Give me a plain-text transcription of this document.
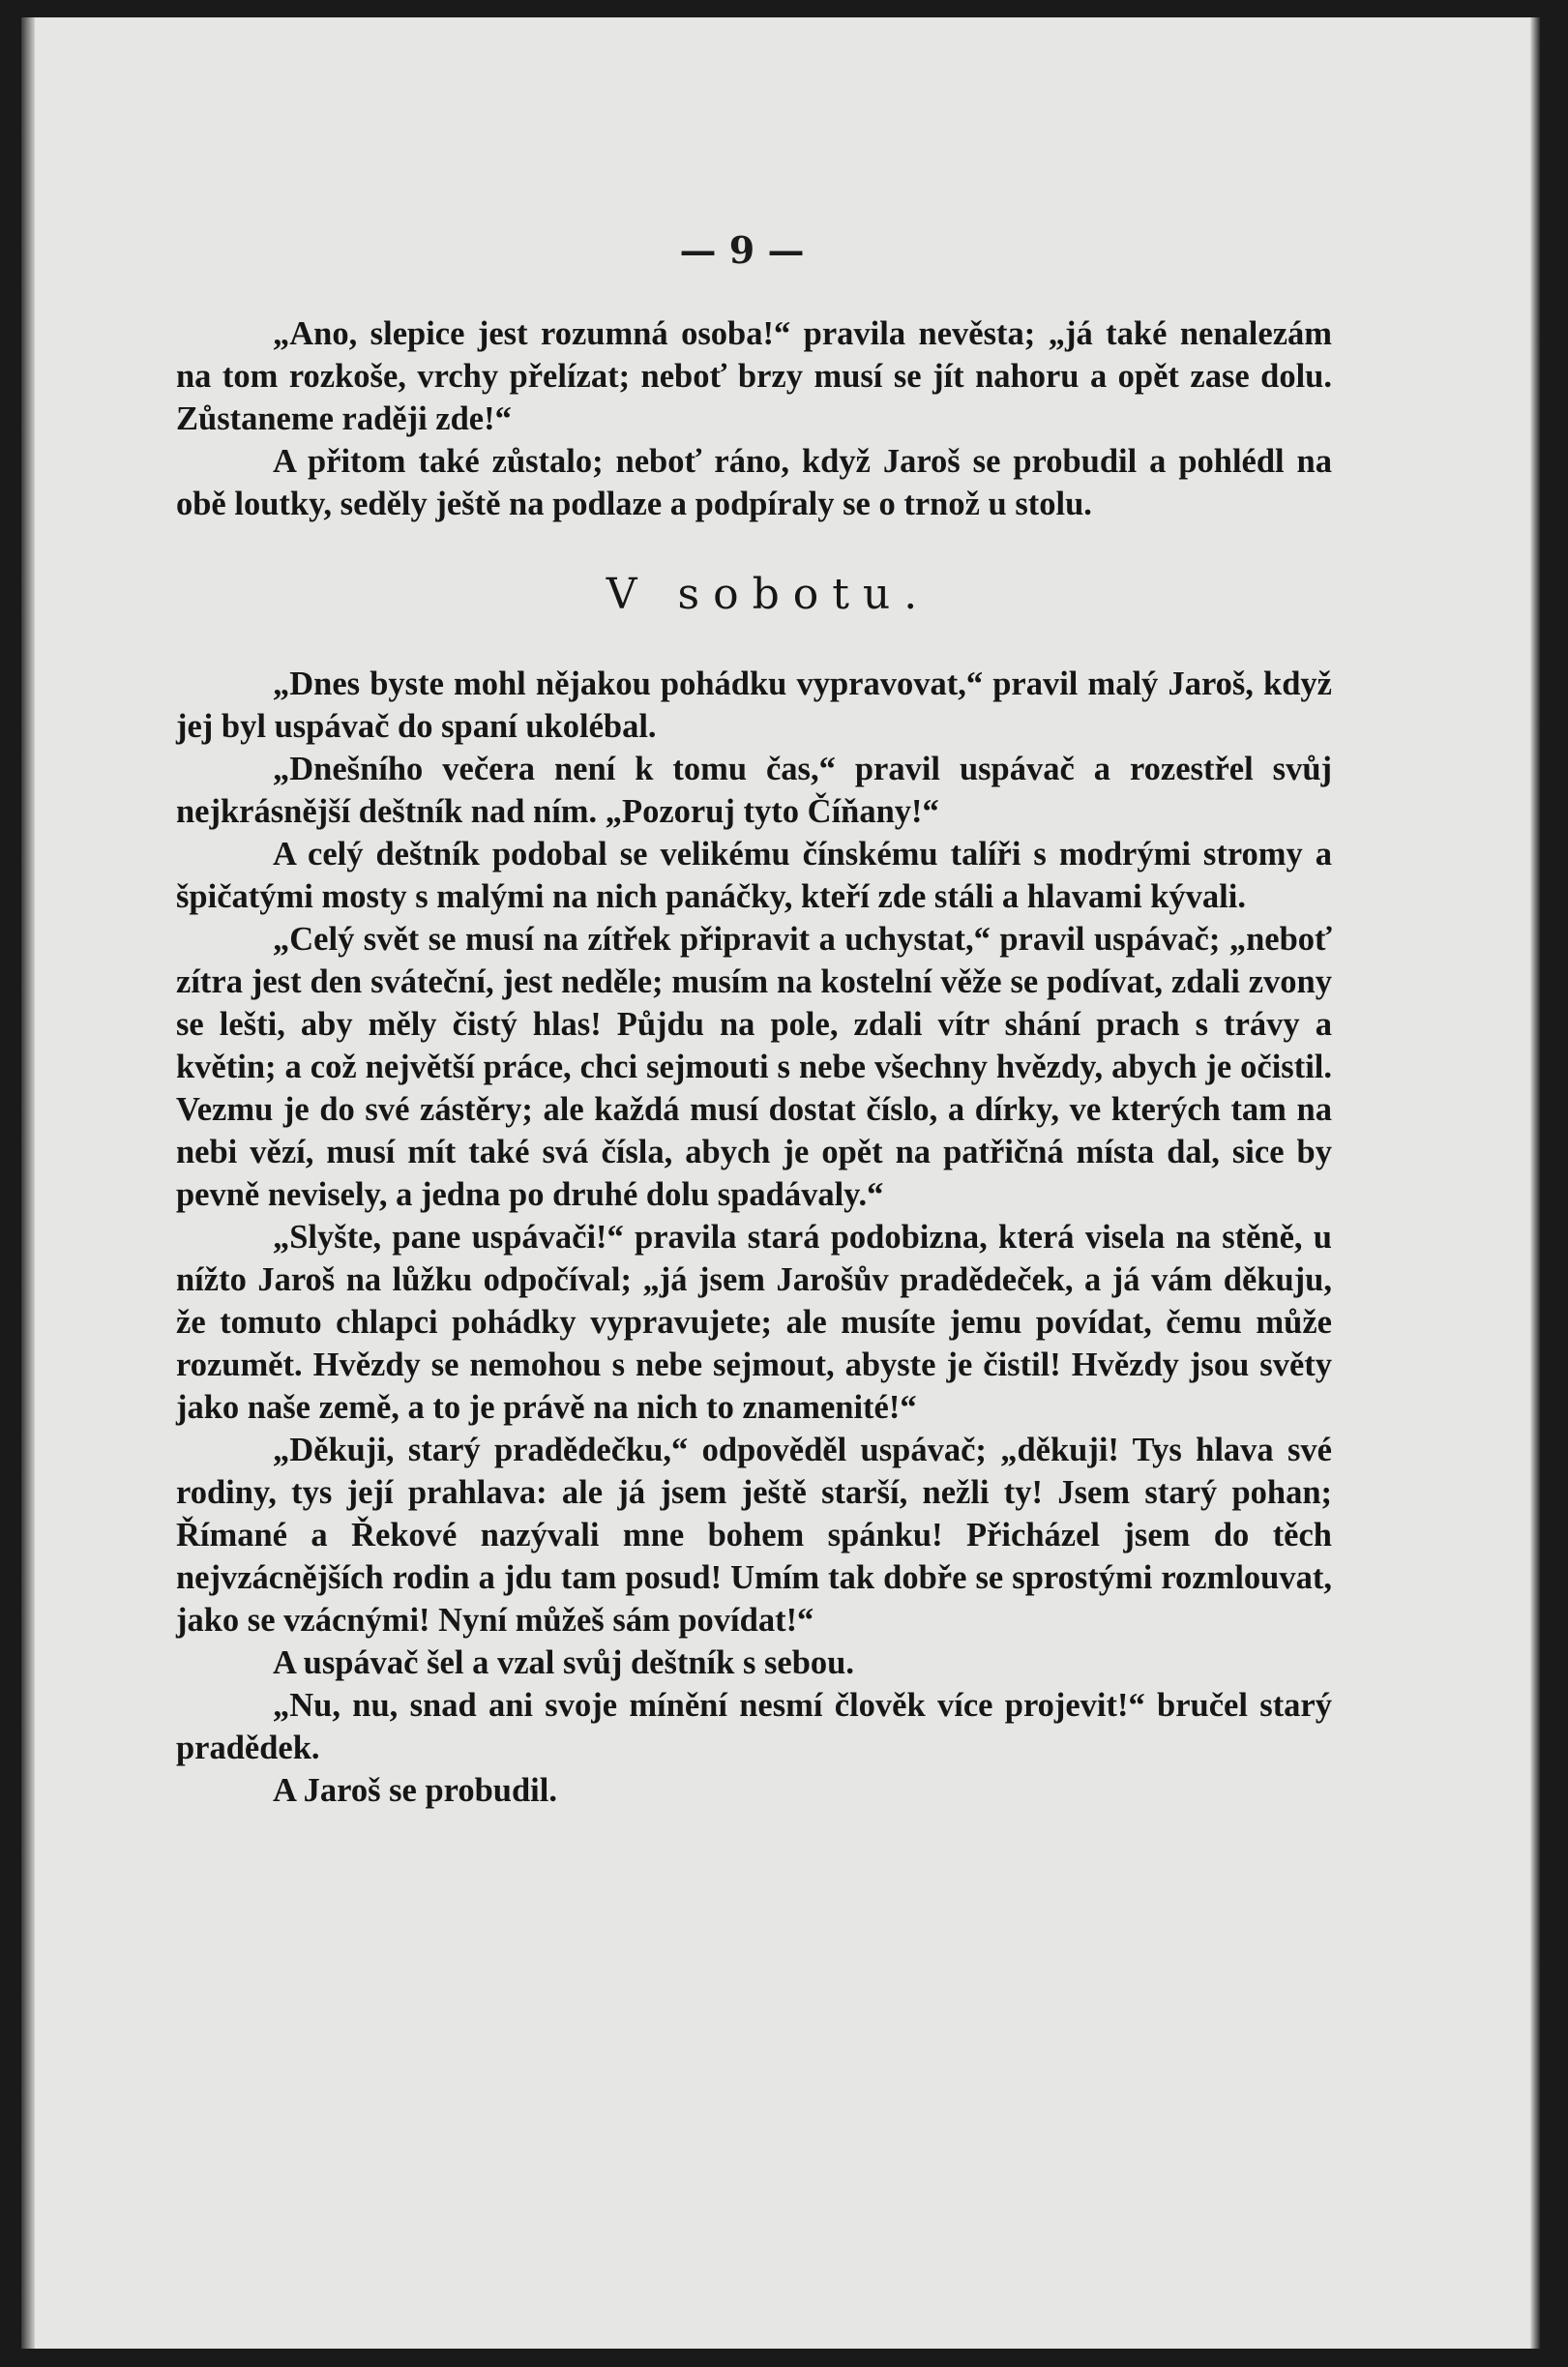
— 9 —

„Ano, slepice jest rozumná osoba!“ pravila nevěsta; „já také nenalezám na tom rozkoše, vrchy přelízat; neboť brzy musí se jít nahoru a opět zase dolu. Zůstaneme raději zde!“

A přitom také zůstalo; neboť ráno, když Jaroš se probudil a pohlédl na obě loutky, seděly ještě na podlaze a podpíraly se o trnož u stolu.

V sobotu.

„Dnes byste mohl nějakou pohádku vypravovat,“ pravil malý Jaroš, když jej byl uspávač do spaní ukolébal.

„Dnešního večera není k tomu čas,“ pravil uspávač a rozestřel svůj nejkrásnější deštník nad ním. „Pozoruj tyto Číňany!“

A celý deštník podobal se velikému čínskému talíři s modrými stromy a špičatými mosty s malými na nich panáčky, kteří zde stáli a hlavami kývali.

„Celý svět se musí na zítřek připravit a uchystat,“ pravil uspávač; „neboť zítra jest den sváteční, jest neděle; musím na kostelní věže se podívat, zdali zvony se lešti, aby měly čistý hlas! Půjdu na pole, zdali vítr shání prach s trávy a květin; a což největší práce, chci sejmouti s nebe všechny hvězdy, abych je očistil. Vezmu je do své zástěry; ale každá musí dostat číslo, a dírky, ve kterých tam na nebi vězí, musí mít také svá čísla, abych je opět na patřičná místa dal, sice by pevně nevisely, a jedna po druhé dolu spadávaly.“

„Slyšte, pane uspávači!“ pravila stará podobizna, která visela na stěně, u nížto Jaroš na lůžku odpočíval; „já jsem Jarošův pradědeček, a já vám děkuju, že tomuto chlapci pohádky vypravujete; ale musíte jemu povídat, čemu může rozumět. Hvězdy se nemohou s nebe sejmout, abyste je čistil! Hvězdy jsou světy jako naše země, a to je právě na nich to znamenité!“

„Děkuji, starý pradědečku,“ odpověděl uspávač; „děkuji! Tys hlava své rodiny, tys její prahlava: ale já jsem ještě starší, nežli ty! Jsem starý pohan; Římané a Řekové nazývali mne bohem spánku! Přicházel jsem do těch nejvzácnějších rodin a jdu tam posud! Umím tak dobře se sprostými rozmlouvat, jako se vzácnými! Nyní můžeš sám povídat!“

A uspávač šel a vzal svůj deštník s sebou.

„Nu, nu, snad ani svoje mínění nesmí člověk více projevit!“ bručel starý pradědek.

A Jaroš se probudil.
